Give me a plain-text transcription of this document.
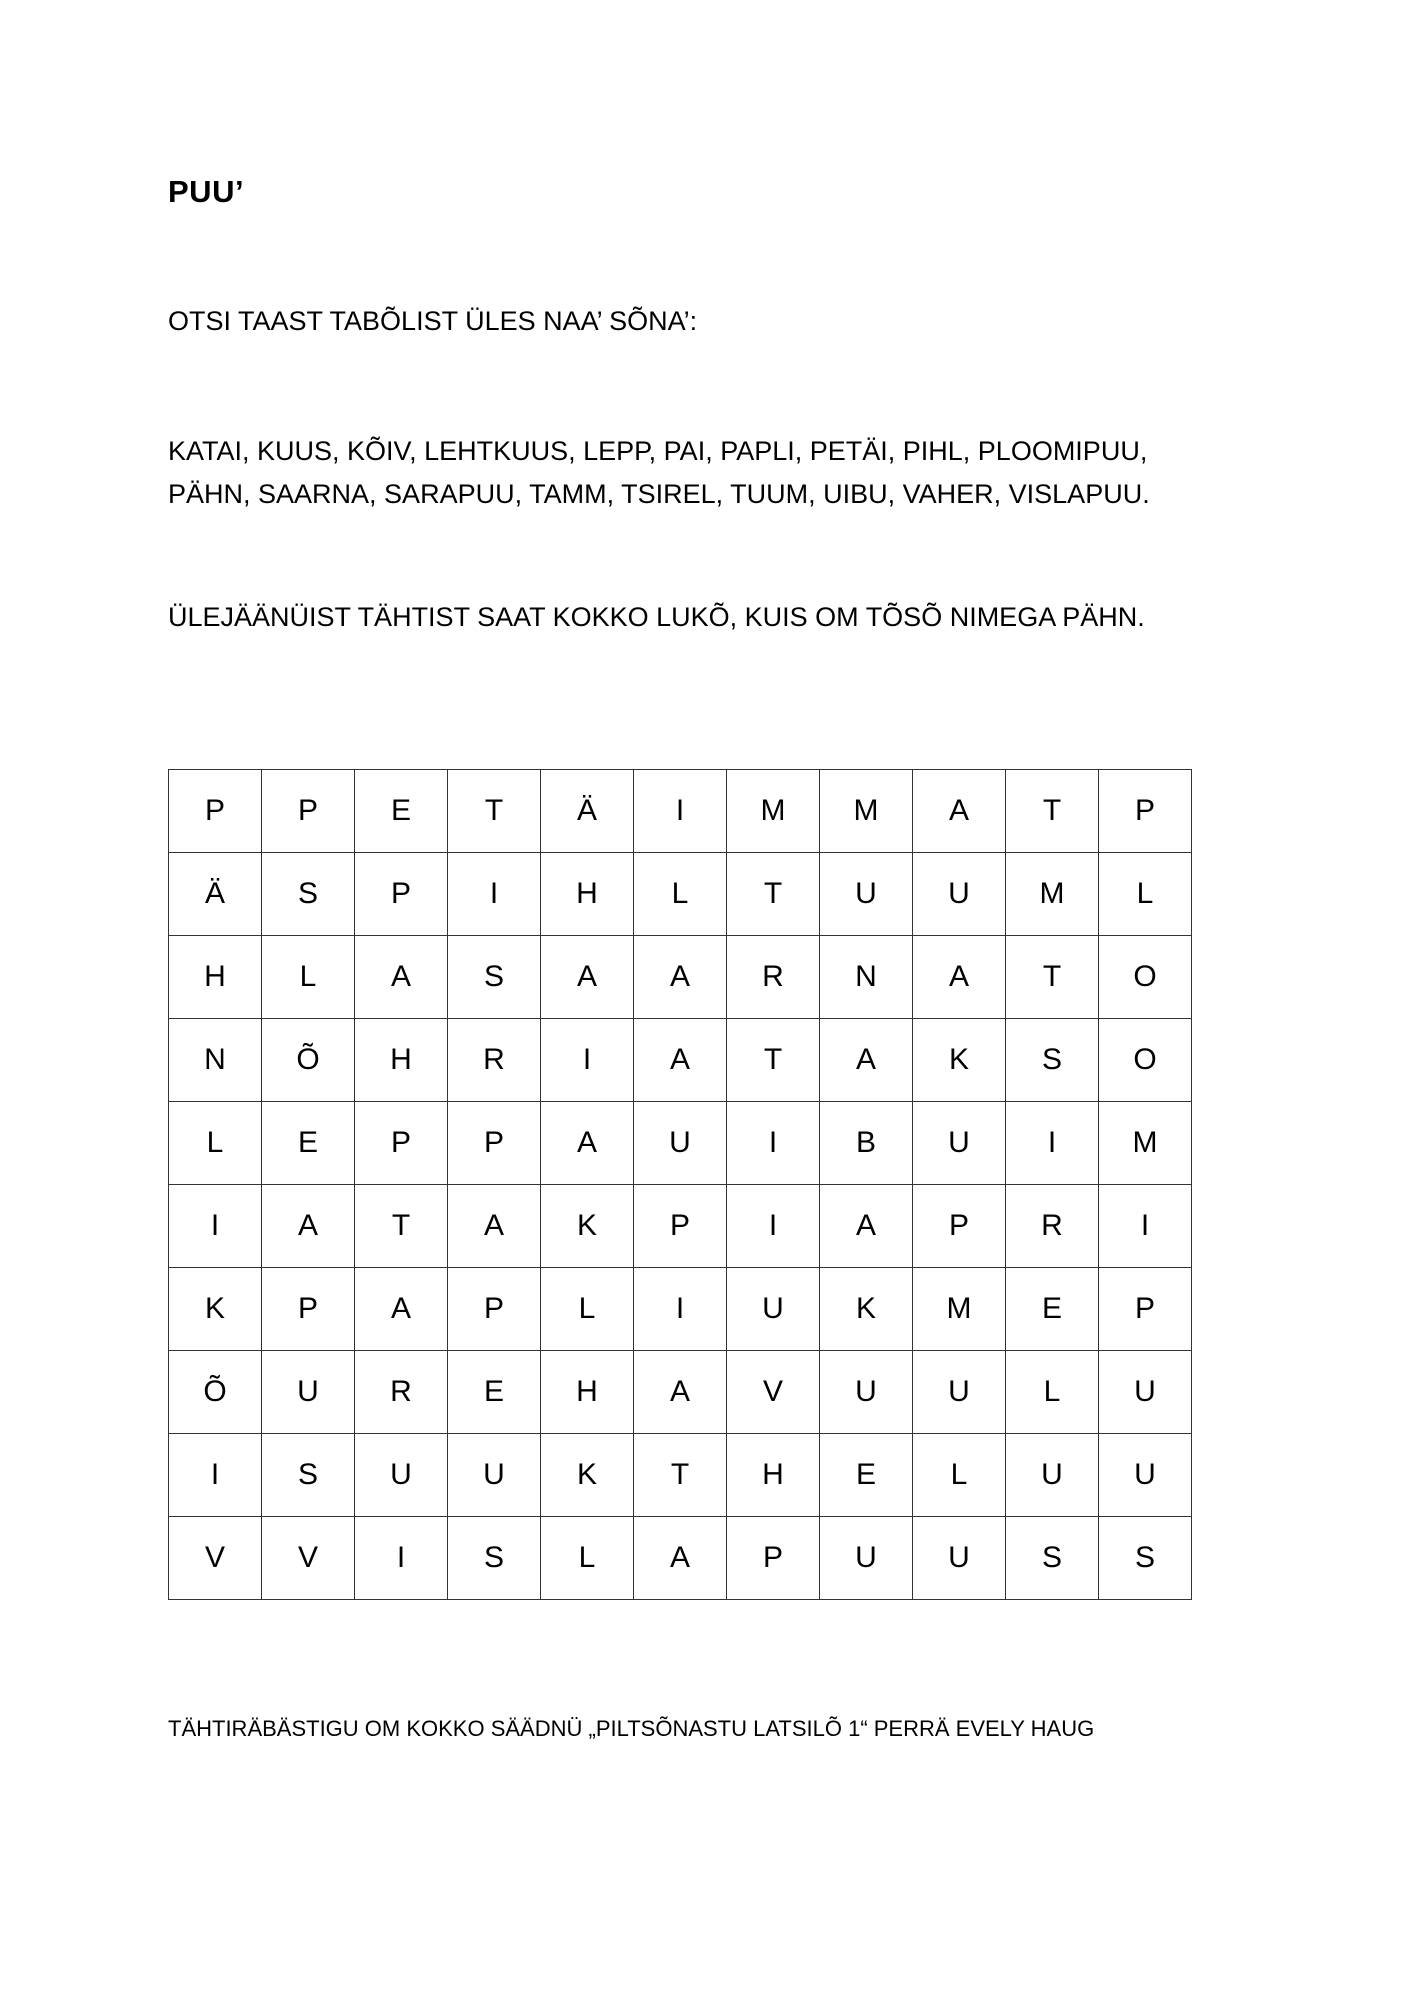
PUU’

OTSI TAAST TABÕLIST ÜLES NAA’ SÕNA’:

KATAI, KUUS, KÕIV, LEHTKUUS, LEPP, PAI, PAPLI, PETÄI, PIHL, PLOOMIPUU,
PÄHN, SAARNA, SARAPUU, TAMM, TSIREL, TUUM, UIBU, VAHER, VISLAPUU.

ÜLEJÄÄNÜIST TÄHTIST SAAT KOKKO LUKÕ, KUIS OM TÕSÕ NIMEGA PÄHN.

P	P	E	T	Ä	I	M	M	A	T	P
Ä	S	P	I	H	L	T	U	U	M	L
H	L	A	S	A	A	R	N	A	T	O
N	Õ	H	R	I	A	T	A	K	S	O
L	E	P	P	A	U	I	B	U	I	M
I	A	T	A	K	P	I	A	P	R	I
K	P	A	P	L	I	U	K	M	E	P
Õ	U	R	E	H	A	V	U	U	L	U
I	S	U	U	K	T	H	E	L	U	U
V	V	I	S	L	A	P	U	U	S	S

TÄHTIRÄBÄSTIGU OM KOKKO SÄÄDNÜ „PILTSÕNASTU LATSILÕ 1“ PERRÄ EVELY HAUG
